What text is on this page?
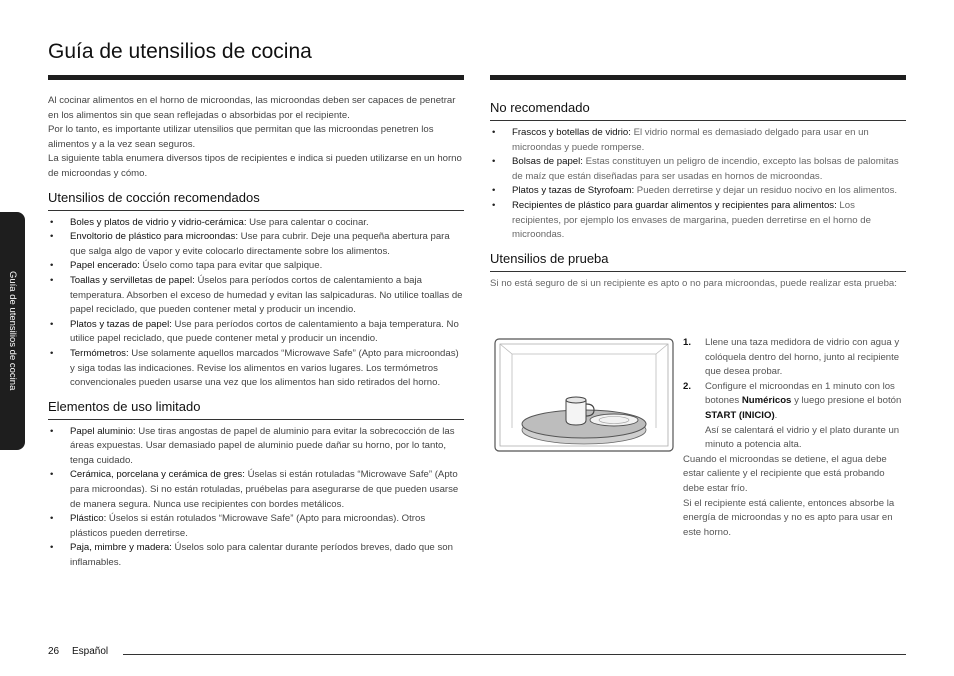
Guía de utensilios de cocina
Guía de utensilios de cocina

Al cocinar alimentos en el horno de microondas, las microondas deben ser capaces de penetrar en los alimentos sin que sean reflejadas o absorbidas por el recipiente.

Por lo tanto, es importante utilizar utensilios que permitan que las microondas penetren los alimentos y a la vez sean seguros.

La siguiente tabla enumera diversos tipos de recipientes e indica si pueden utilizarse en un horno de microondas y cómo.

Utensilios de cocción recomendados
• Boles y platos de vidrio y vidrio-cerámica: Use para calentar o cocinar.
• Envoltorio de plástico para microondas: Use para cubrir. Deje una pequeña abertura para que salga algo de vapor y evite colocarlo directamente sobre los alimentos.
• Papel encerado: Úselo como tapa para evitar que salpique.
• Toallas y servilletas de papel: Úselos para períodos cortos de calentamiento a baja temperatura. Absorben el exceso de humedad y evitan las salpicaduras. No utilice toallas de papel reciclado, que pueden contener metal y producir un incendio.
• Platos y tazas de papel: Use para períodos cortos de calentamiento a baja temperatura. No utilice papel reciclado, que puede contener metal y producir un incendio.
• Termómetros: Use solamente aquellos marcados “Microwave Safe” (Apto para microondas) y siga todas las indicaciones. Revise los alimentos en varios lugares. Los termómetros convencionales pueden usarse una vez que los alimentos han sido retirados del horno.
Elementos de uso limitado
• Papel aluminio: Use tiras angostas de papel de aluminio para evitar la sobrecocción de las áreas expuestas. Usar demasiado papel de aluminio puede dañar su horno, por lo tanto, tenga cuidado.
• Cerámica, porcelana y cerámica de gres: Úselas si están rotuladas “Microwave Safe” (Apto para microondas). Si no están rotuladas, pruébelas para asegurarse de que pueden usarse de manera segura. Nunca use recipientes con bordes metálicos.
• Plástico: Úselos si están rotulados “Microwave Safe” (Apto para microondas). Otros plásticos pueden derretirse.
• Paja, mimbre y madera: Úselos solo para calentar durante períodos breves, dado que son inflamables.
No recomendado
• Frascos y botellas de vidrio: El vidrio normal es demasiado delgado para usar en un microondas y puede romperse.
• Bolsas de papel: Estas constituyen un peligro de incendio, excepto las bolsas de palomitas de maíz que están diseñadas para ser usadas en hornos de microondas.
• Platos y tazas de Styrofoam: Pueden derretirse y dejar un residuo nocivo en los alimentos.
• Recipientes de plástico para guardar alimentos y recipientes para alimentos: Los recipientes, por ejemplo los envases de margarina, pueden derretirse en el horno de microondas.
Utensilios de prueba

Si no está seguro de si un recipiente es apto o no para microondas, puede realizar esta prueba:

1. Llene una taza medidora de vidrio con agua y colóquela dentro del horno, junto al recipiente que desea probar.
2. Configure el microondas en 1 minuto con los botones Numéricos y luego presione el botón START (INICIO).

Así se calentará el vidrio y el plato durante un minuto a potencia alta.

Cuando el microondas se detiene, el agua debe estar caliente y el recipiente que está probando debe estar frío.

Si el recipiente está caliente, entonces absorbe la energía de microondas y no es apto para usar en este horno.

26 Español
